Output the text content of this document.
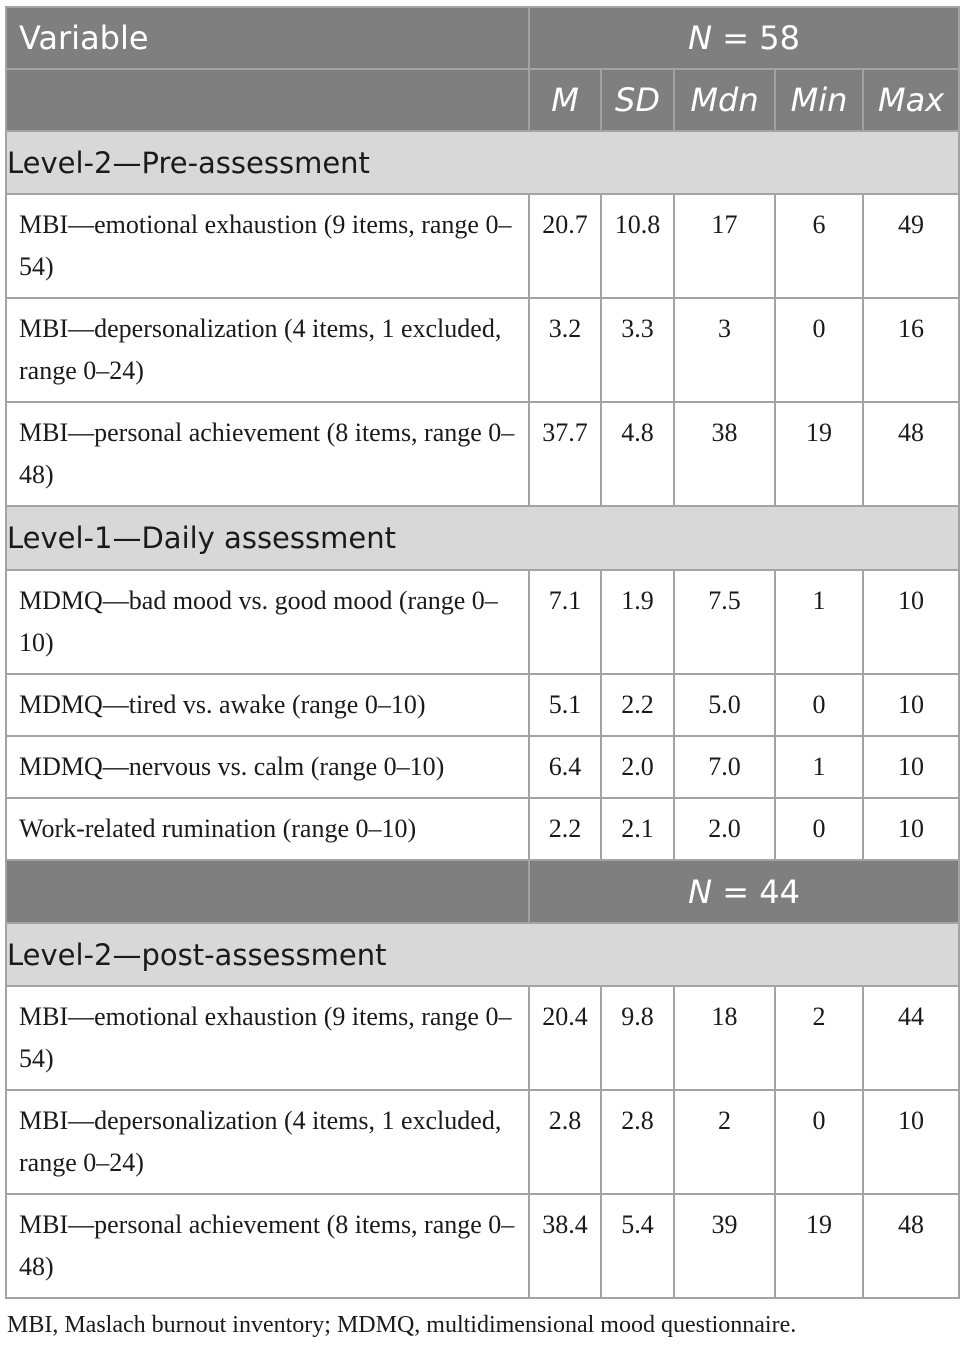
Variable	N = 58				
	M	SD	Mdn	Min	Max
Level-2—Pre-assessment					
MBI—emotional exhaustion (9 items, range 0–54)	20.7	10.8	17	6	49
MBI—depersonalization (4 items, 1 excluded, range 0–24)	3.2	3.3	3	0	16
MBI—personal achievement (8 items, range 0–48)	37.7	4.8	38	19	48
Level-1—Daily assessment					
MDMQ—bad mood vs. good mood (range 0–10)	7.1	1.9	7.5	1	10
MDMQ—tired vs. awake (range 0–10)	5.1	2.2	5.0	0	10
MDMQ—nervous vs. calm (range 0–10)	6.4	2.0	7.0	1	10
Work-related rumination (range 0–10)	2.2	2.1	2.0	0	10
	N = 44				
Level-2—post-assessment					
MBI—emotional exhaustion (9 items, range 0–54)	20.4	9.8	18	2	44
MBI—depersonalization (4 items, 1 excluded, range 0–24)	2.8	2.8	2	0	10
MBI—personal achievement (8 items, range 0–48)	38.4	5.4	39	19	48
MBI, Maslach burnout inventory; MDMQ, multidimensional mood questionnaire.
